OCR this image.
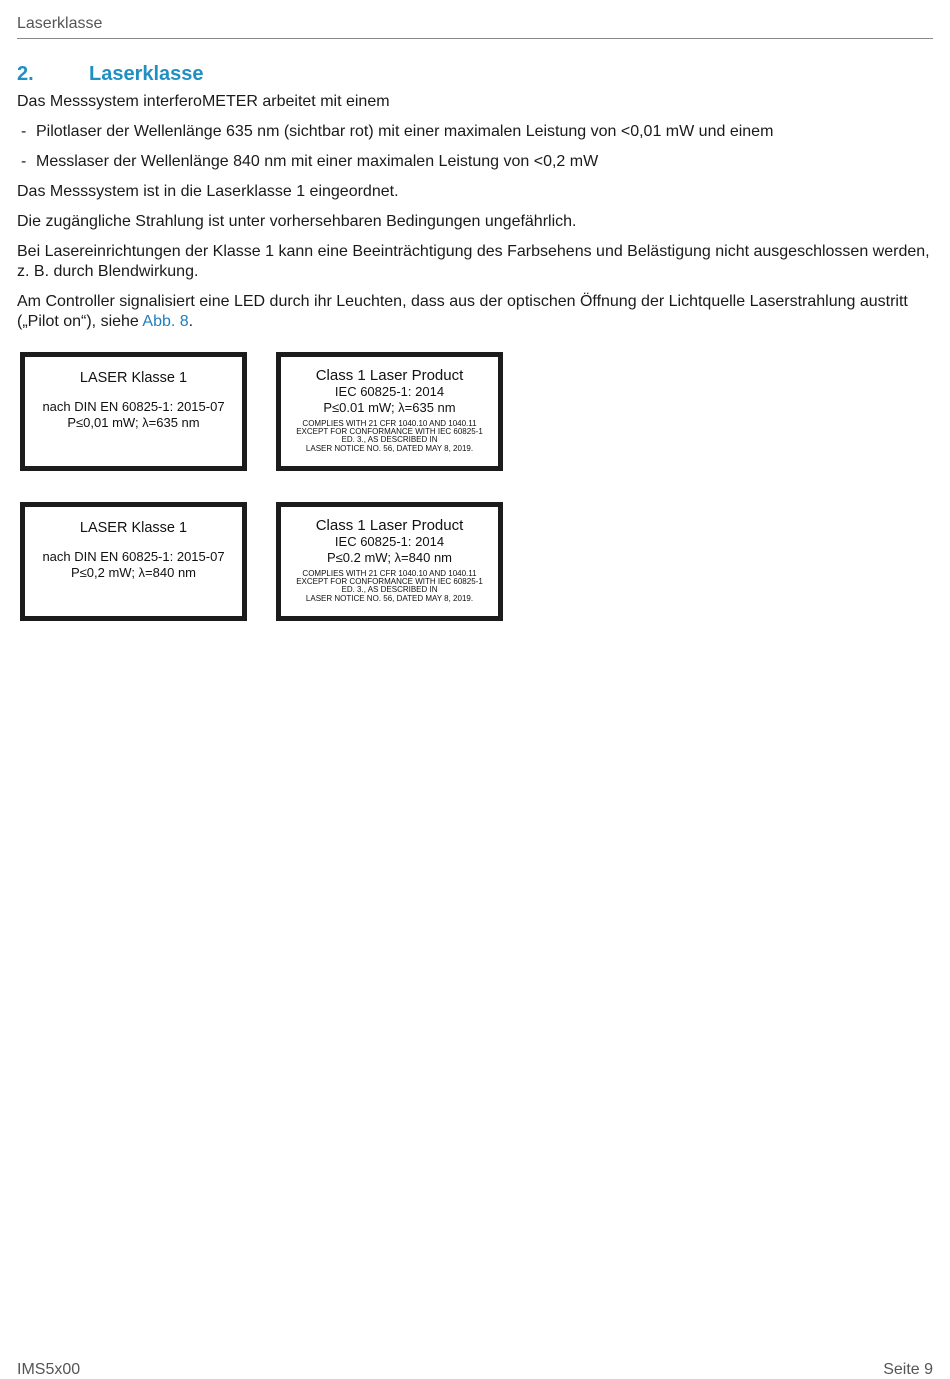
Laserklasse
2.	Laserklasse

Das Messsystem interferoMETER arbeitet mit einem

- Pilotlaser der Wellenlänge 635 nm (sichtbar rot) mit einer maximalen Leistung von <0,01 mW und einem
- Messlaser der Wellenlänge 840 nm mit einer maximalen Leistung von <0,2 mW

Das Messsystem ist in die Laserklasse 1 eingeordnet.

Die zugängliche Strahlung ist unter vorhersehbaren Bedingungen ungefährlich.

Bei Lasereinrichtungen der Klasse 1 kann eine Beeinträchtigung des Farbsehens und Belästigung nicht ausgeschlossen werden, z. B. durch Blendwirkung.

Am Controller signalisiert eine LED durch ihr Leuchten, dass aus der optischen Öffnung der Lichtquelle Laserstrahlung austritt („Pilot on“), siehe Abb. 8.

LASER Klasse 1
nach DIN EN 60825-1: 2015-07
P≤0,01 mW; λ=635 nm
Class 1 Laser Product
IEC 60825-1: 2014
P≤0.01 mW; λ=635 nm
COMPLIES WITH 21 CFR 1040.10 AND 1040.11
EXCEPT FOR CONFORMANCE WITH IEC 60825-1
ED. 3., AS DESCRIBED IN
LASER NOTICE NO. 56, DATED MAY 8, 2019.
LASER Klasse 1
nach DIN EN 60825-1: 2015-07
P≤0,2 mW; λ=840 nm
Class 1 Laser Product
IEC 60825-1: 2014
P≤0.2 mW; λ=840 nm
COMPLIES WITH 21 CFR 1040.10 AND 1040.11
EXCEPT FOR CONFORMANCE WITH IEC 60825-1
ED. 3., AS DESCRIBED IN
LASER NOTICE NO. 56, DATED MAY 8, 2019.
IMS5x00	Seite 9
